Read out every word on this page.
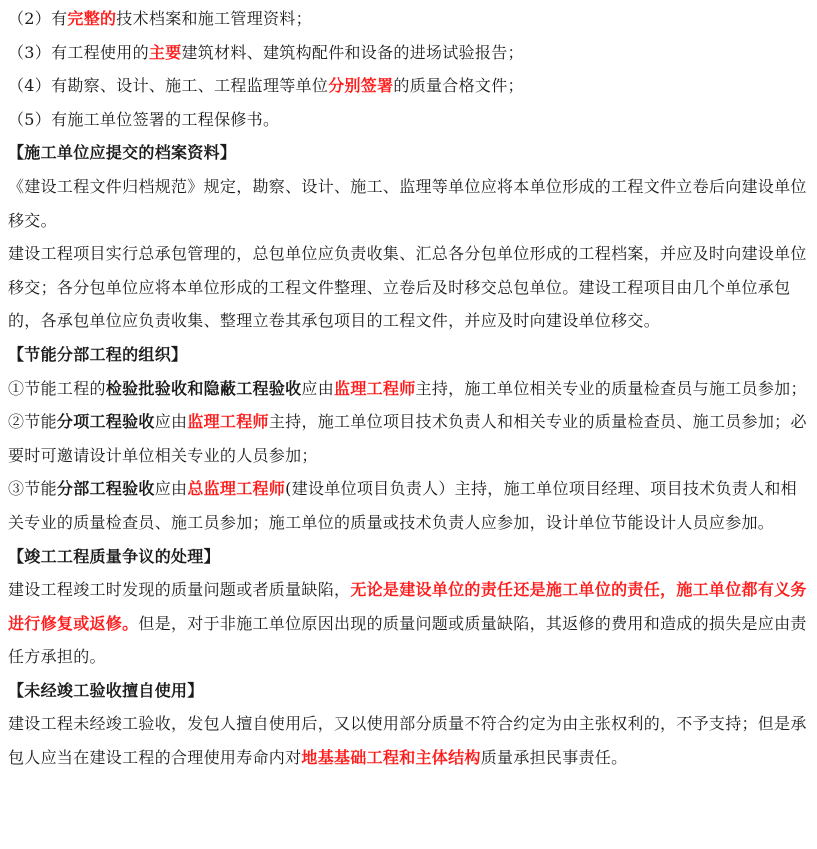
（2）有完整的技术档案和施工管理资料；

（3）有工程使用的主要建筑材料、建筑构配件和设备的进场试验报告；

（4）有勘察、设计、施工、工程监理等单位分别签署的质量合格文件；

（5）有施工单位签署的工程保修书。

【施工单位应提交的档案资料】

《建设工程文件归档规范》规定，勘察、设计、施工、监理等单位应将本单位形成的工程文件立卷后向建设单位移交。

建设工程项目实行总承包管理的，总包单位应负责收集、汇总各分包单位形成的工程档案，并应及时向建设单位移交；各分包单位应将本单位形成的工程文件整理、立卷后及时移交总包单位。建设工程项目由几个单位承包的，各承包单位应负责收集、整理立卷其承包项目的工程文件，并应及时向建设单位移交。

【节能分部工程的组织】

①节能工程的检验批验收和隐蔽工程验收应由监理工程师主持，施工单位相关专业的质量检查员与施工员参加；

②节能分项工程验收应由监理工程师主持，施工单位项目技术负责人和相关专业的质量检查员、施工员参加；必要时可邀请设计单位相关专业的人员参加；

③节能分部工程验收应由总监理工程师(建设单位项目负责人）主持，施工单位项目经理、项目技术负责人和相关专业的质量检查员、施工员参加；施工单位的质量或技术负责人应参加，设计单位节能设计人员应参加。

【竣工工程质量争议的处理】

建设工程竣工时发现的质量问题或者质量缺陷，无论是建设单位的责任还是施工单位的责任，施工单位都有义务进行修复或返修。但是，对于非施工单位原因出现的质量问题或质量缺陷，其返修的费用和造成的损失是应由责任方承担的。

【未经竣工验收擅自使用】

建设工程未经竣工验收，发包人擅自使用后，又以使用部分质量不符合约定为由主张权利的，不予支持；但是承包人应当在建设工程的合理使用寿命内对地基基础工程和主体结构质量承担民事责任。
